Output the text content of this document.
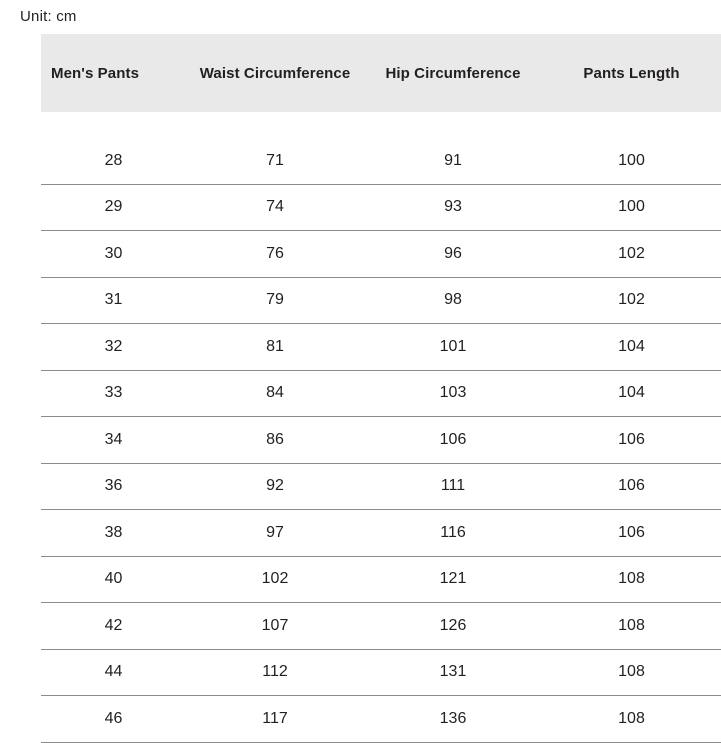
Unit: cm
Men's Pants	Waist Circumference	Hip Circumference	Pants Length

28	71	91	100
29	74	93	100
30	76	96	102
31	79	98	102
32	81	101	104
33	84	103	104
34	86	106	106
36	92	111	106
38	97	116	106
40	102	121	108
42	107	126	108
44	112	131	108
46	117	136	108
